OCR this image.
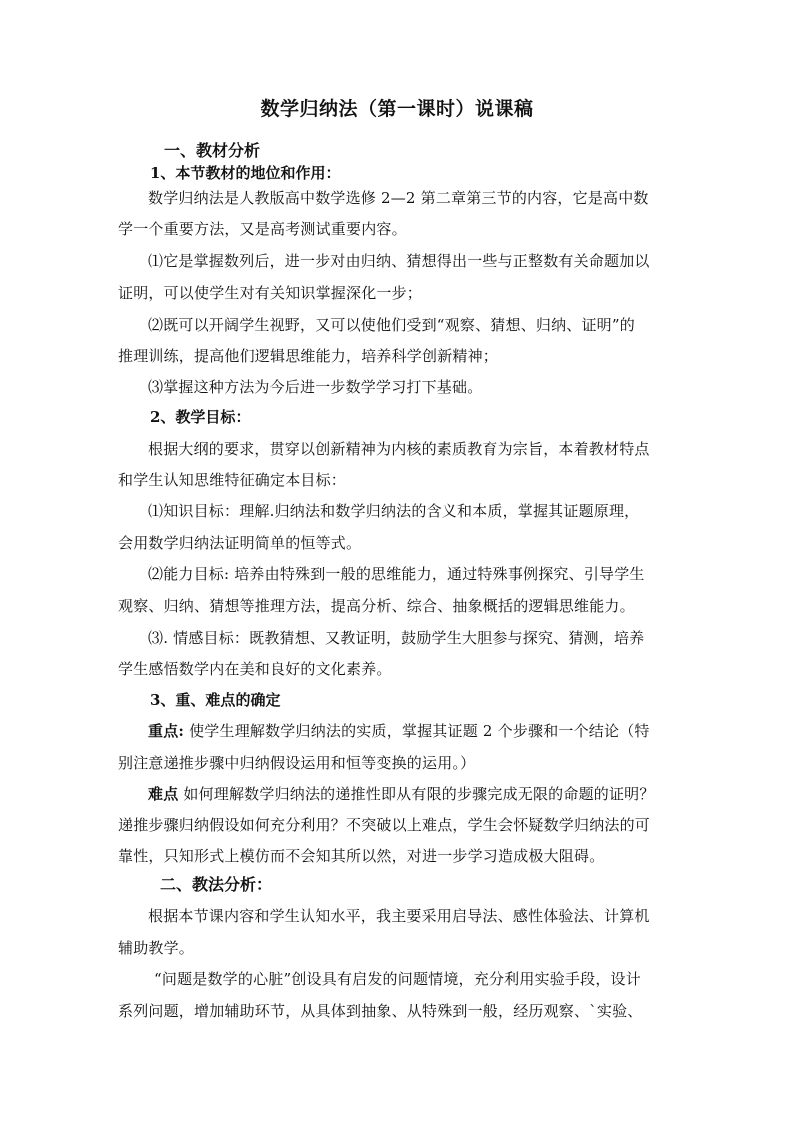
数学归纳法（第一课时）说课稿
一、教材分析
1、本节教材的地位和作用：
数学归纳法是人教版高中数学选修 2—2 第二章第三节的内容，它是高中数
学一个重要方法，又是高考测试重要内容。
⑴它是掌握数列后，进一步对由归纳、猜想得出一些与正整数有关命题加以
证明，可以使学生对有关知识掌握深化一步；
⑵既可以开阔学生视野，又可以使他们受到“观察、猜想、归纳、证明”的
推理训练，提高他们逻辑思维能力，培养科学创新精神；
⑶掌握这种方法为今后进一步数学学习打下基础。
2、教学目标：
根据大纲的要求，贯穿以创新精神为内核的素质教育为宗旨，本着教材特点
和学生认知思维特征确定本目标：
⑴知识目标：理解.归纳法和数学归纳法的含义和本质，掌握其证题原理，
会用数学归纳法证明简单的恒等式。
⑵能力目标: 培养由特殊到一般的思维能力，通过特殊事例探究、引导学生
观察、归纳、猜想等推理方法，提高分析、综合、抽象概括的逻辑思维能力。
⑶. 情感目标：既教猜想、又教证明，鼓励学生大胆参与探究、猜测，培养
学生感悟数学内在美和良好的文化素养。
3、重、难点的确定
重点: 使学生理解数学归纳法的实质，掌握其证题 2 个步骤和一个结论（特
别注意递推步骤中归纳假设运用和恒等变换的运用。）
难点 如何理解数学归纳法的递推性即从有限的步骤完成无限的命题的证明？
递推步骤归纳假设如何充分利用？不突破以上难点，学生会怀疑数学归纳法的可
靠性，只知形式上模仿而不会知其所以然，对进一步学习造成极大阻碍。
二、教法分析：
根据本节课内容和学生认知水平，我主要采用启导法、感性体验法、计算机
辅助教学。
“问题是数学的心脏”创设具有启发的问题情境，充分利用实验手段，设计
系列问题，增加辅助环节，从具体到抽象、从特殊到一般，经历观察、`实验、
